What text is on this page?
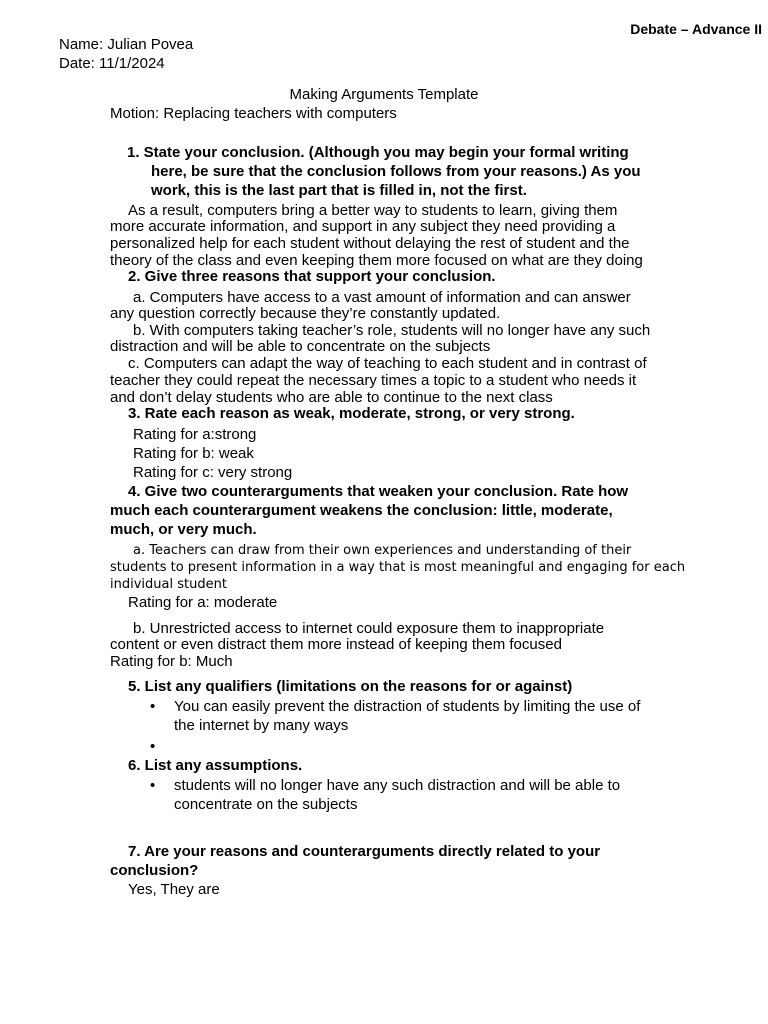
Debate – Advance II
Name: Julian Povea
Date: 11/1/2024
Making Arguments Template
Motion: Replacing teachers with computers
1. State your conclusion. (Although you may begin your formal writing
here, be sure that the conclusion follows from your reasons.) As you
work, this is the last part that is filled in, not the first.
As a result, computers bring a better way to students to learn, giving them
more accurate information, and support in any subject they need providing a
personalized help for each student without delaying the rest of student and the
theory of the class and even keeping them more focused on what are they doing
2. Give three reasons that support your conclusion.
a. Computers have access to a vast amount of information and can answer
any question correctly because they’re constantly updated.
b. With computers taking teacher’s role, students will no longer have any such
distraction and will be able to concentrate on the subjects
c. Computers can adapt the way of teaching to each student and in contrast of
teacher they could repeat the necessary times a topic to a student who needs it
and don’t delay students who are able to continue to the next class
3. Rate each reason as weak, moderate, strong, or very strong.
Rating for a:strong
Rating for b: weak
Rating for c: very strong
4. Give two counterarguments that weaken your conclusion. Rate how
much each counterargument weakens the conclusion: little, moderate,
much, or very much.
a. Teachers can draw from their own experiences and understanding of their
students to present information in a way that is most meaningful and engaging for each
individual student
Rating for a: moderate
b. Unrestricted access to internet could exposure them to inappropriate
content or even distract them more instead of keeping them focused
Rating for b: Much
5. List any qualifiers (limitations on the reasons for or against)
• You can easily prevent the distraction of students by limiting the use of
the internet by many ways
6. List any assumptions.
• students will no longer have any such distraction and will be able to
concentrate on the subjects
7. Are your reasons and counterarguments directly related to your
conclusion?
Yes, They are
